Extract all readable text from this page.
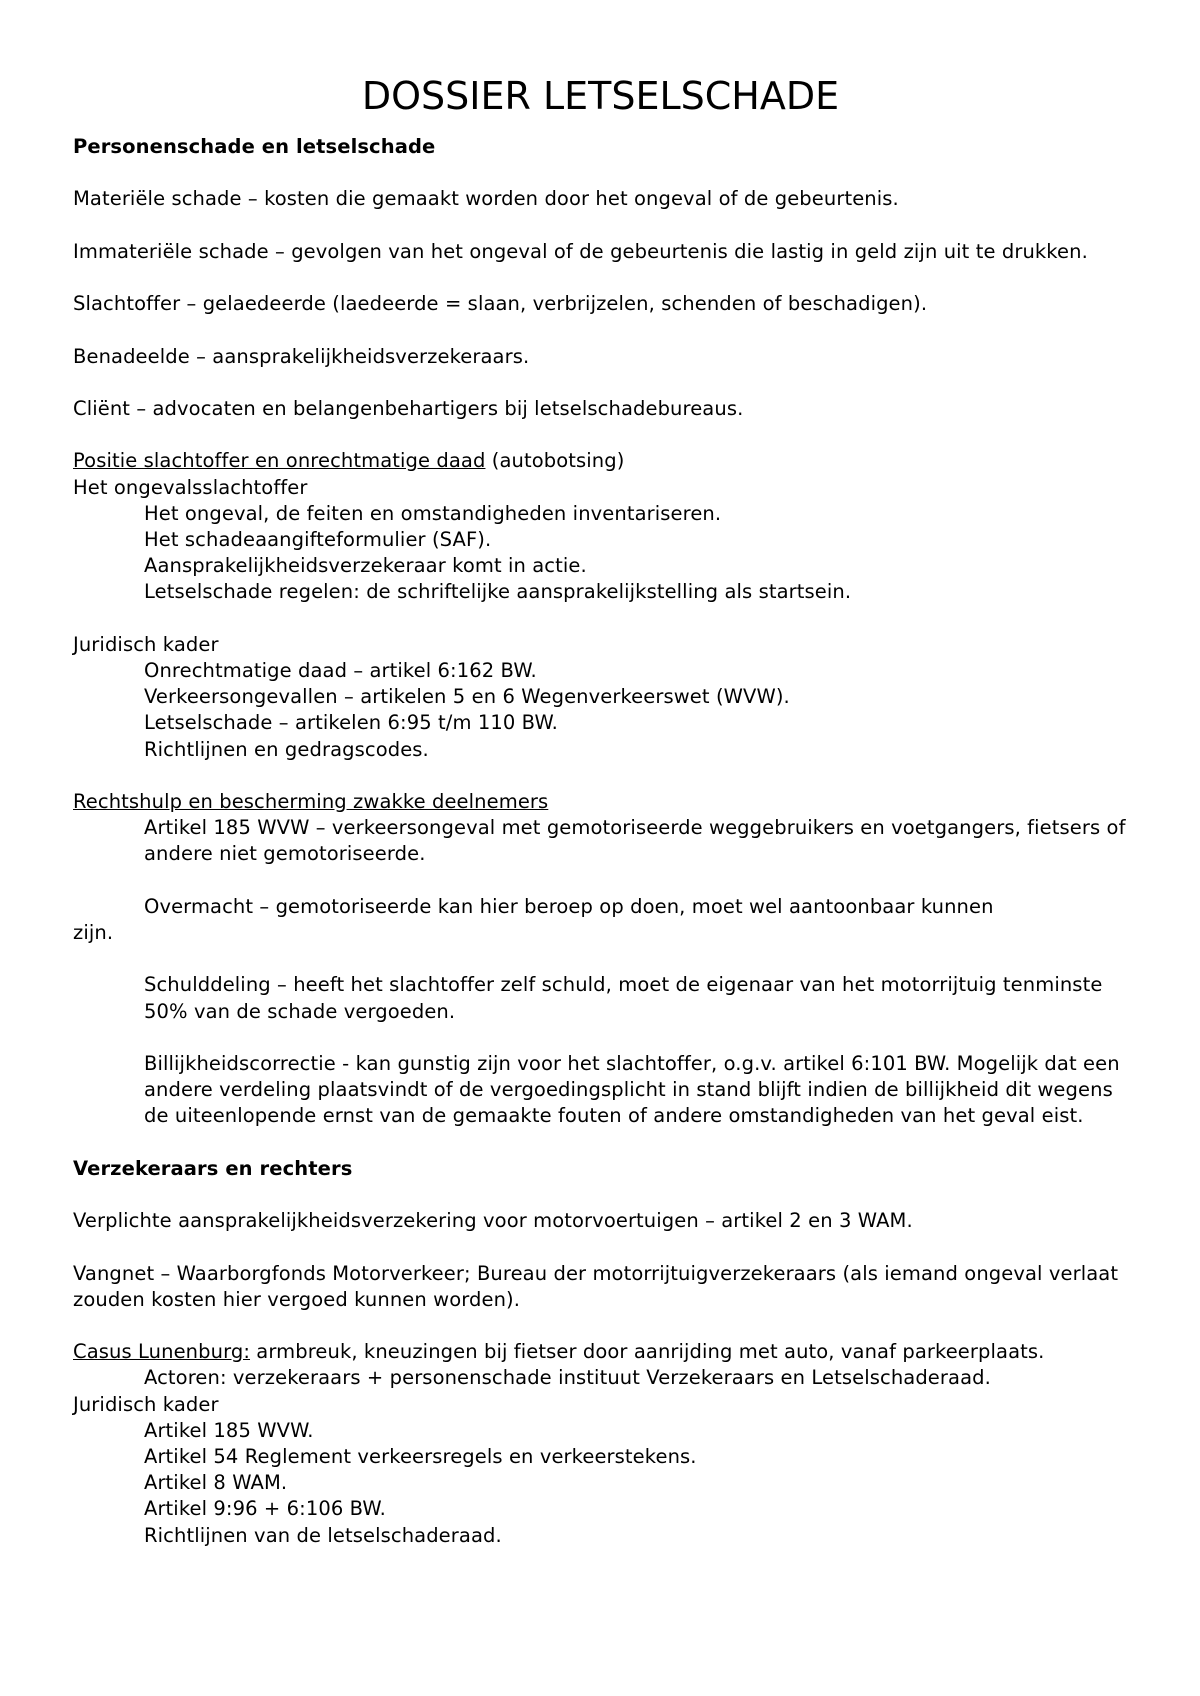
DOSSIER LETSELSCHADE

Personenschade en letselschade

Materiële schade – kosten die gemaakt worden door het ongeval of de gebeurtenis.

Immateriële schade – gevolgen van het ongeval of de gebeurtenis die lastig in geld zijn uit te drukken.

Slachtoffer – gelaedeerde (laedeerde = slaan, verbrijzelen, schenden of beschadigen).

Benadeelde – aansprakelijkheidsverzekeraars.

Cliënt – advocaten en belangenbehartigers bij letselschadebureaus.

Positie slachtoffer en onrechtmatige daad (autobotsing)

Het ongevalsslachtoffer

Het ongeval, de feiten en omstandigheden inventariseren.

Het schadeaangifteformulier (SAF).

Aansprakelijkheidsverzekeraar komt in actie.

Letselschade regelen: de schriftelijke aansprakelijkstelling als startsein.

Juridisch kader

Onrechtmatige daad – artikel 6:162 BW.

Verkeersongevallen – artikelen 5 en 6 Wegenverkeerswet (WVW).

Letselschade – artikelen 6:95 t/m 110 BW.

Richtlijnen en gedragscodes.

Rechtshulp en bescherming zwakke deelnemers

Artikel 185 WVW – verkeersongeval met gemotoriseerde weggebruikers en voetgangers, fietsers of andere niet gemotoriseerde.

Overmacht – gemotoriseerde kan hier beroep op doen, moet wel aantoonbaar kunnen

zijn.

Schulddeling – heeft het slachtoffer zelf schuld, moet de eigenaar van het motorrijtuig tenminste 50% van de schade vergoeden.

Billijkheidscorrectie - kan gunstig zijn voor het slachtoffer, o.g.v. artikel 6:101 BW. Mogelijk dat een andere verdeling plaatsvindt of de vergoedingsplicht in stand blijft indien de billijkheid dit wegens de uiteenlopende ernst van de gemaakte fouten of andere omstandigheden van het geval eist.

Verzekeraars en rechters

Verplichte aansprakelijkheidsverzekering voor motorvoertuigen – artikel 2 en 3 WAM.

Vangnet – Waarborgfonds Motorverkeer; Bureau der motorrijtuigverzekeraars (als iemand ongeval verlaat zouden kosten hier vergoed kunnen worden).

Casus Lunenburg: armbreuk, kneuzingen bij fietser door aanrijding met auto, vanaf parkeerplaats.

Actoren: verzekeraars + personenschade instituut Verzekeraars en Letselschaderaad.

Juridisch kader

Artikel 185 WVW.

Artikel 54 Reglement verkeersregels en verkeerstekens.

Artikel 8 WAM.

Artikel 9:96 + 6:106 BW.

Richtlijnen van de letselschaderaad.
